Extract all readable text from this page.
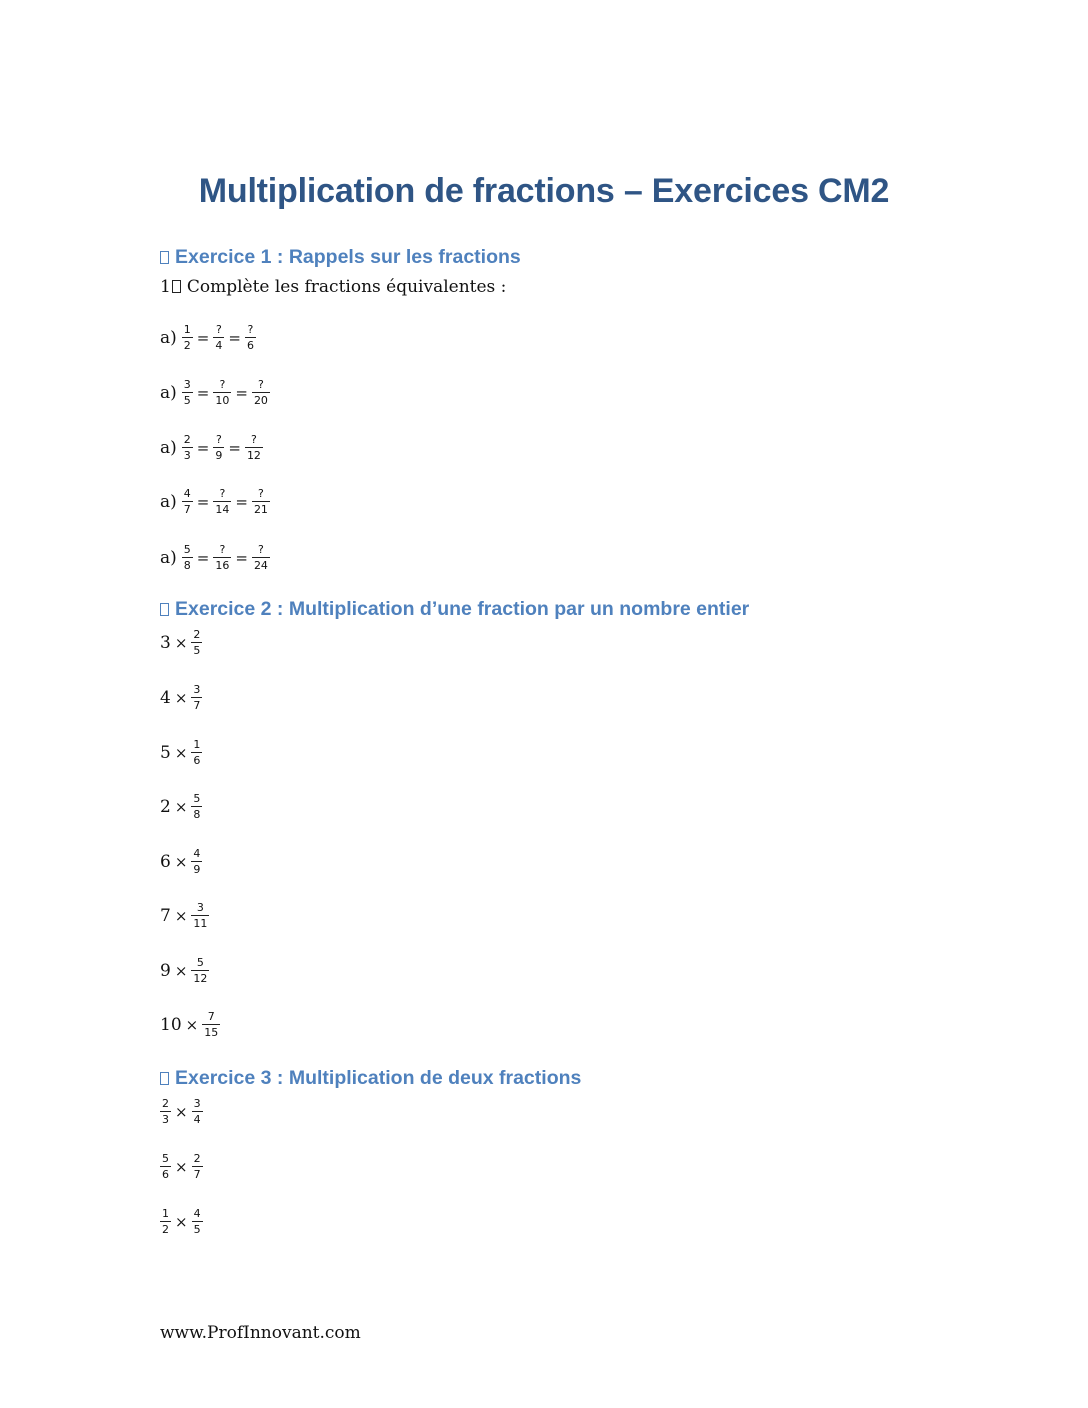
Multiplication de fractions – Exercices CM2
Exercice 1 : Rappels sur les fractions

1 Complète les fractions équivalentes :

$a) \frac{1}{2} = \frac{?}{4} = \frac{?}{6}$
$a) \frac{3}{5} = \frac{?}{10} = \frac{?}{20}$
$a) \frac{2}{3} = \frac{?}{9} = \frac{?}{12}$
$a) \frac{4}{7} = \frac{?}{14} = \frac{?}{21}$
$a) \frac{5}{8} = \frac{?}{16} = \frac{?}{24}$
Exercice 2 : Multiplication d’une fraction par un nombre entier
$3 \times \frac{2}{5}$
$4 \times \frac{3}{7}$
$5 \times \frac{1}{6}$
$2 \times \frac{5}{8}$
$6 \times \frac{4}{9}$
$7 \times \frac{3}{11}$
$9 \times \frac{5}{12}$
$10 \times \frac{7}{15}$
Exercice 3 : Multiplication de deux fractions
$\frac{2}{3} \times \frac{3}{4}$
$\frac{5}{6} \times \frac{2}{7}$
$\frac{1}{2} \times \frac{4}{5}$

www.ProfInnovant.com
